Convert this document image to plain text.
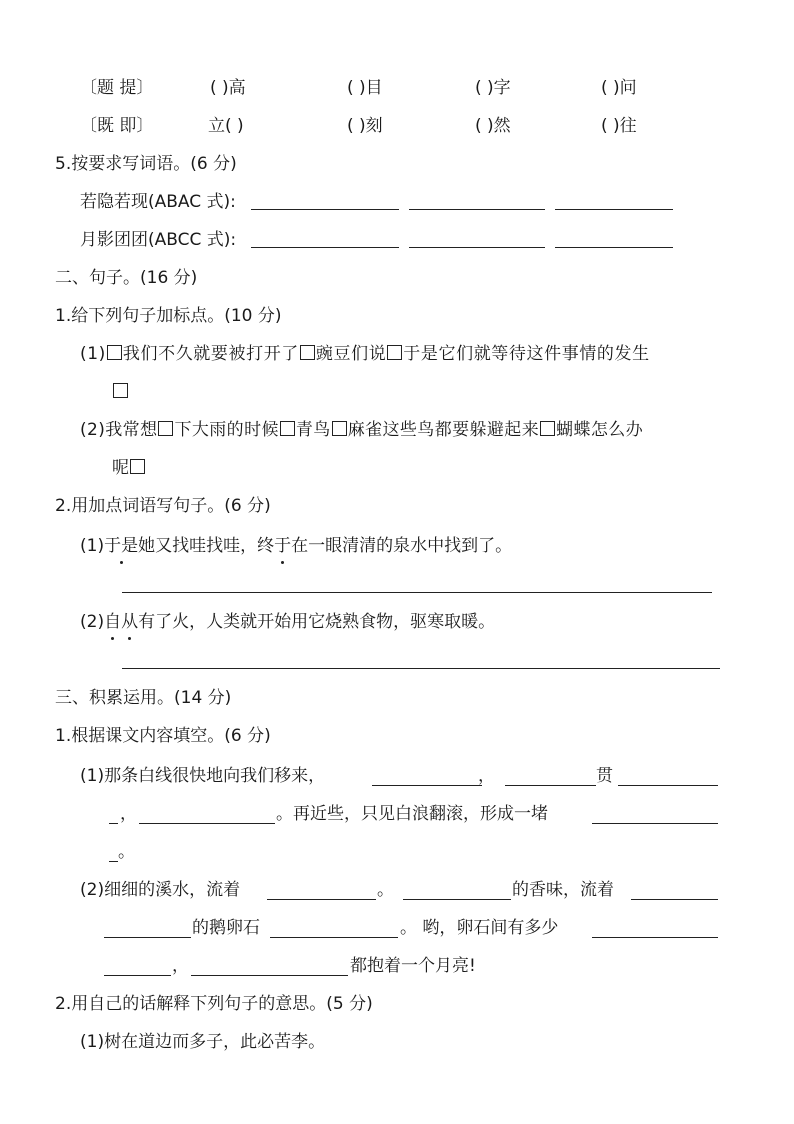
〔题 提〕	( )高	( )目	( )字	( )问
〔既 即〕	立( )	( )刻	( )然	( )往
5.按要求写词语。(6 分)
若隐若现(ABAC 式):
月影团团(ABCC 式):
二、句子。(16 分)
1.给下列句子加标点。(10 分)
(1) 我们不久就要被打开了 豌豆们说 于是它们就等待这件事情的发生
(2)我常想 下大雨的时候 青鸟 麻雀这些鸟都要躲避起来 蝴蝶怎么办
呢
2.用加点词语写句子。(6 分)
(1)于是她又找哇找哇，终于在一眼清清的泉水中找到了。
(2)自从有了火，人类就开始用它烧熟食物，驱寒取暖。
三、积累运用。(14 分)
1.根据课文内容填空。(6 分)
(1)那条白线很快地向我们移来，	，	贯
，	。再近些，只见白浪翻滚，形成一堵
。
(2)细细的溪水，流着	。	的香味，流着
的鹅卵石	。 哟，卵石间有多少
，	都抱着一个月亮!
2.用自己的话解释下列句子的意思。(5 分)
(1)树在道边而多子，此必苦李。
